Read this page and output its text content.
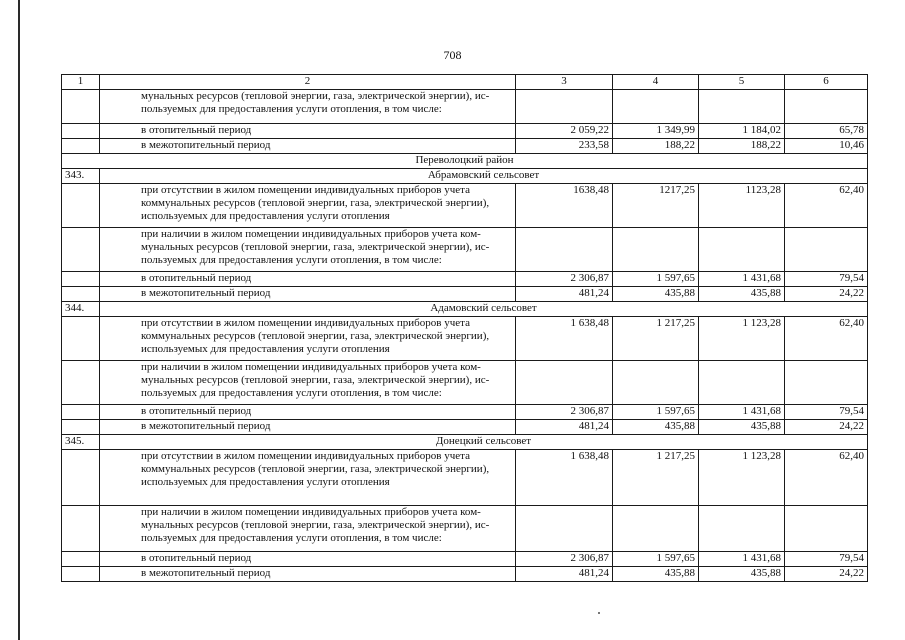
708
1	2	3	4	5	6

	мунальных ресурсов (тепловой энергии, газа, электрической энергии), ис-
пользуемых для предоставления услуги отопления, в том числе:				

	в отопительный период	2 059,22	1 349,99	1 184,02	65,78

	в межотопительный период	233,58	188,22	188,22	10,46
Переволоцкий район					
343.	Абрамовский сельсовет				

	при отсутствии в жилом помещении индивидуальных приборов учета
коммунальных ресурсов (тепловой энергии, газа, электрической энергии),
используемых для предоставления услуги отопления	1638,48	1217,25	1123,28	62,40

	при наличии в жилом помещении индивидуальных приборов учета ком-
мунальных ресурсов (тепловой энергии, газа, электрической энергии), ис-
пользуемых для предоставления услуги отопления, в том числе:				

	в отопительный период	2 306,87	1 597,65	1 431,68	79,54

	в межотопительный период	481,24	435,88	435,88	24,22
344.	Адамовский сельсовет				

	при отсутствии в жилом помещении индивидуальных приборов учета
коммунальных ресурсов (тепловой энергии, газа, электрической энергии),
используемых для предоставления услуги отопления	1 638,48	1 217,25	1 123,28	62,40

	при наличии в жилом помещении индивидуальных приборов учета ком-
мунальных ресурсов (тепловой энергии, газа, электрической энергии), ис-
пользуемых для предоставления услуги отопления, в том числе:				

	в отопительный период	2 306,87	1 597,65	1 431,68	79,54

	в межотопительный период	481,24	435,88	435,88	24,22
345.	Донецкий сельсовет				

	при отсутствии в жилом помещении индивидуальных приборов учета
коммунальных ресурсов (тепловой энергии, газа, электрической энергии),
используемых для предоставления услуги отопления	1 638,48	1 217,25	1 123,28	62,40

	при наличии в жилом помещении индивидуальных приборов учета ком-
мунальных ресурсов (тепловой энергии, газа, электрической энергии), ис-
пользуемых для предоставления услуги отопления, в том числе:				

	в отопительный период	2 306,87	1 597,65	1 431,68	79,54

	в межотопительный период	481,24	435,88	435,88	24,22
